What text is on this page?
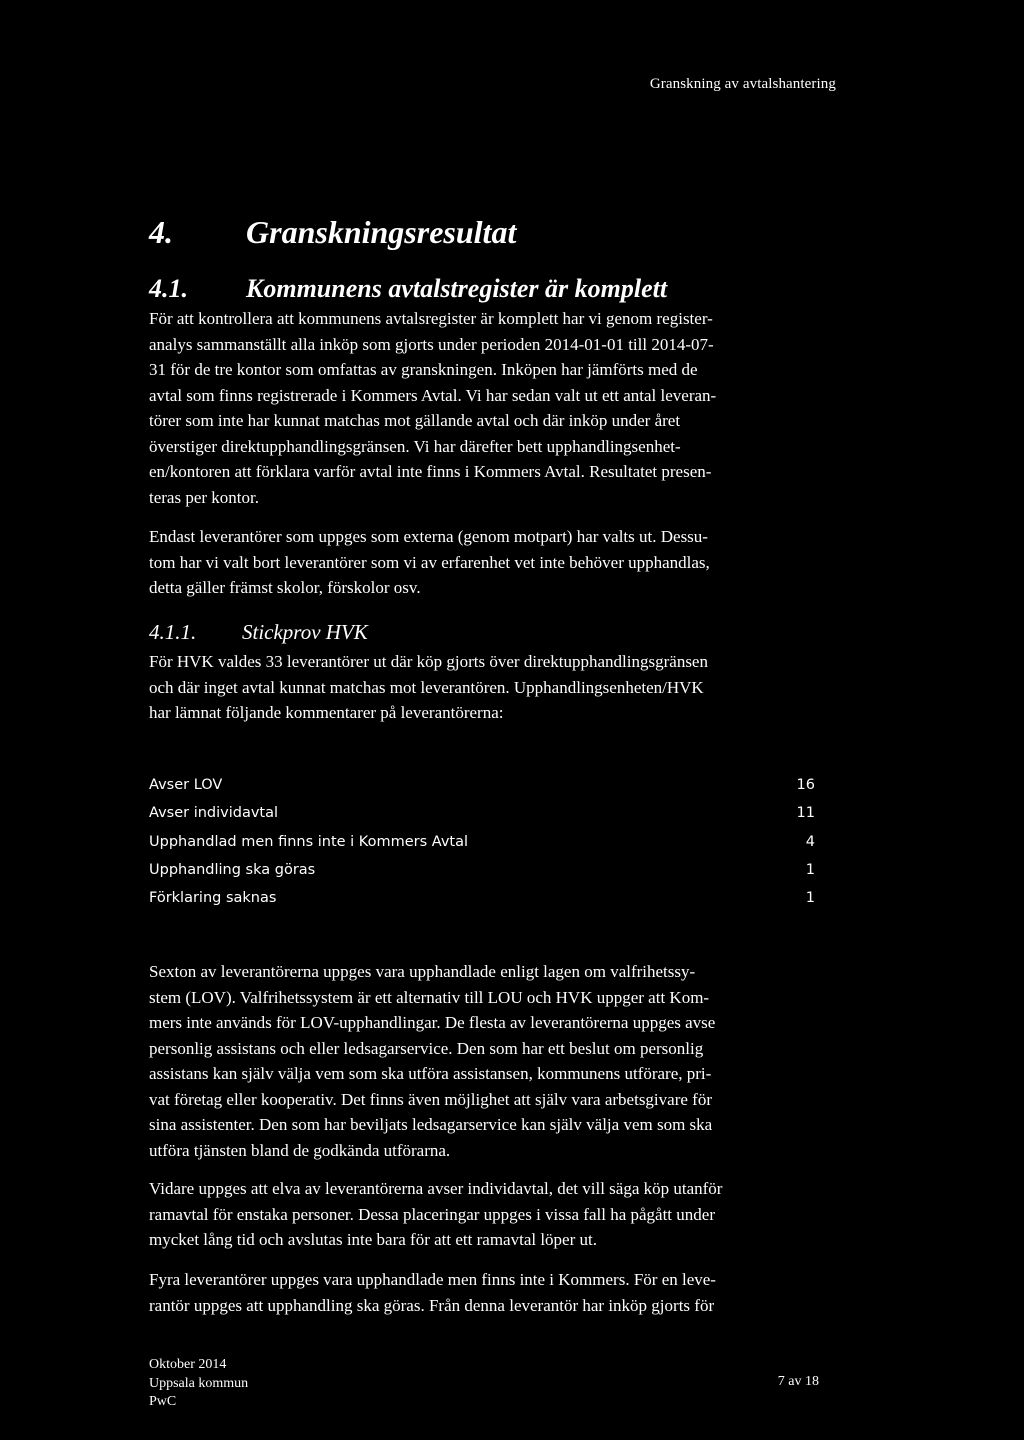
Granskning av avtalshantering
4. Granskningsresultat
4.1. Kommunens avtalstregister är komplett

För att kontrollera att kommunens avtalsregister är komplett har vi genom register-
analys sammanställt alla inköp som gjorts under perioden 2014-01-01 till 2014-07-
31 för de tre kontor som omfattas av granskningen. Inköpen har jämförts med de
avtal som finns registrerade i Kommers Avtal. Vi har sedan valt ut ett antal leveran-
törer som inte har kunnat matchas mot gällande avtal och där inköp under året
överstiger direktupphandlingsgränsen. Vi har därefter bett upphandlingsenhet-
en/kontoren att förklara varför avtal inte finns i Kommers Avtal. Resultatet presen-
teras per kontor.

Endast leverantörer som uppges som externa (genom motpart) har valts ut. Dessu-
tom har vi valt bort leverantörer som vi av erfarenhet vet inte behöver upphandlas,
detta gäller främst skolor, förskolor osv.

4.1.1. Stickprov HVK

För HVK valdes 33 leverantörer ut där köp gjorts över direktupphandlingsgränsen
och där inget avtal kunnat matchas mot leverantören. Upphandlingsenheten/HVK
har lämnat följande kommentarer på leverantörerna:

Avser LOV	16
Avser individavtal	11
Upphandlad men finns inte i Kommers Avtal	4
Upphandling ska göras	1
Förklaring saknas	1

Sexton av leverantörerna uppges vara upphandlade enligt lagen om valfrihetssy-
stem (LOV). Valfrihetssystem är ett alternativ till LOU och HVK uppger att Kom-
mers inte används för LOV-upphandlingar. De flesta av leverantörerna uppges avse
personlig assistans och eller ledsagarservice. Den som har ett beslut om personlig
assistans kan själv välja vem som ska utföra assistansen, kommunens utförare, pri-
vat företag eller kooperativ. Det finns även möjlighet att själv vara arbetsgivare för
sina assistenter. Den som har beviljats ledsagarservice kan själv välja vem som ska
utföra tjänsten bland de godkända utförarna.

Vidare uppges att elva av leverantörerna avser individavtal, det vill säga köp utanför
ramavtal för enstaka personer. Dessa placeringar uppges i vissa fall ha pågått under
mycket lång tid och avslutas inte bara för att ett ramavtal löper ut.

Fyra leverantörer uppges vara upphandlade men finns inte i Kommers. För en leve-
rantör uppges att upphandling ska göras. Från denna leverantör har inköp gjorts för

Oktober 2014
Uppsala kommun
PwC
7 av 18
